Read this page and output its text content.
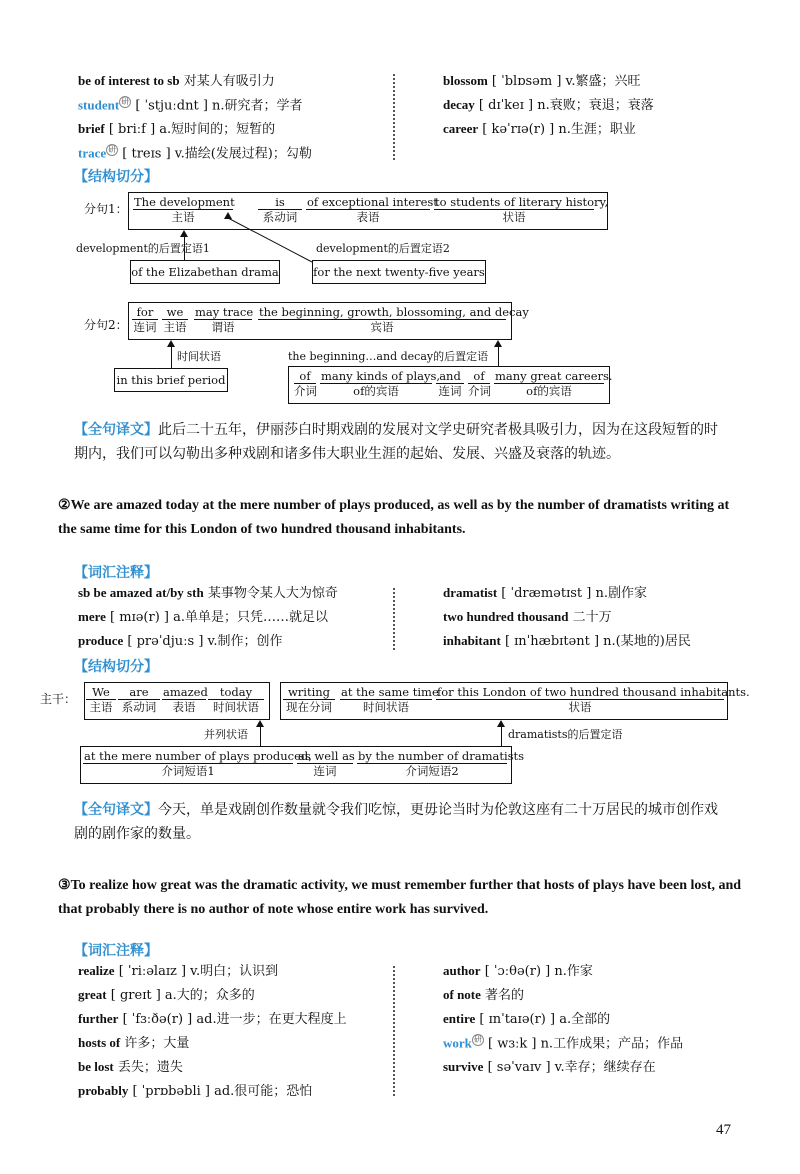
be of interest to sb 对某人有吸引力
student 研 [ ˈstjuːdnt ] n.研究者；学者
brief [ briːf ] a.短时间的；短暂的
trace 研 [ treɪs ] v.描绘(发展过程)；勾勒
blossom [ ˈblɒsəm ] v.繁盛；兴旺
decay [ dɪˈkeɪ ] n.衰败；衰退；衰落
career [ kəˈrɪə(r) ] n.生涯；职业
【结构切分】
分句1： The development
主语
is
系动词
of exceptional interest
表语
to students of literary history,
状语
development的后置定语1	development的后置定语2
of the Elizabethan drama	for the next twenty-five years
分句2：
for
连词
we
主语
may trace
谓语
the beginning, growth, blossoming, and decay
宾语
时间状语
in this brief period
the beginning…and decay的后置定语
of
介词
many kinds of plays,
of的宾语
and
连词
of
介词
many great careers.
of的宾语
【全句译文】此后二十五年，伊丽莎白时期戏剧的发展对文学史研究者极具吸引力，因为在这段短暂的时期内，我们可以勾勒出多种戏剧和诸多伟大职业生涯的起始、发展、兴盛及衰落的轨迹。
②We are amazed today at the mere number of plays produced, as well as by the number of dramatists writing at the same time for this London of two hundred thousand inhabitants.
【词汇注释】
sb be amazed at/by sth 某事物令某人大为惊奇
mere [ mɪə(r) ] a.单单是；只凭……就足以
produce [ prəˈdjuːs ] v.制作；创作
dramatist [ ˈdræmətɪst ] n.剧作家
two hundred thousand 二十万
inhabitant [ ɪnˈhæbɪtənt ] n.(某地的)居民
【结构切分】
主干：	We
主语
are
系动词
amazed
表语
today
时间状语
writing
现在分词
at the same time
时间状语
for this London of two hundred thousand inhabitants.
状语
并列状语	dramatists的后置定语
at the mere number of plays produced,
介词短语1
as well as
连词
by the number of dramatists
介词短语2
【全句译文】今天，单是戏剧创作数量就令我们吃惊，更毋论当时为伦敦这座有二十万居民的城市创作戏剧的剧作家的数量。
③To realize how great was the dramatic activity, we must remember further that hosts of plays have been lost, and that probably there is no author of note whose entire work has survived.
【词汇注释】
realize [ ˈriːəlaɪz ] v.明白；认识到
great [ greɪt ] a.大的；众多的
further [ ˈfɜːðə(r) ] ad.进一步；在更大程度上
hosts of 许多；大量
be lost 丢失；遗失
probably [ ˈprɒbəbli ] ad.很可能；恐怕
author [ ˈɔːθə(r) ] n.作家
of note 著名的
entire [ ɪnˈtaɪə(r) ] a.全部的
work 研 [ wɜːk ] n.工作成果；产品；作品
survive [ səˈvaɪv ] v.幸存；继续存在
47
